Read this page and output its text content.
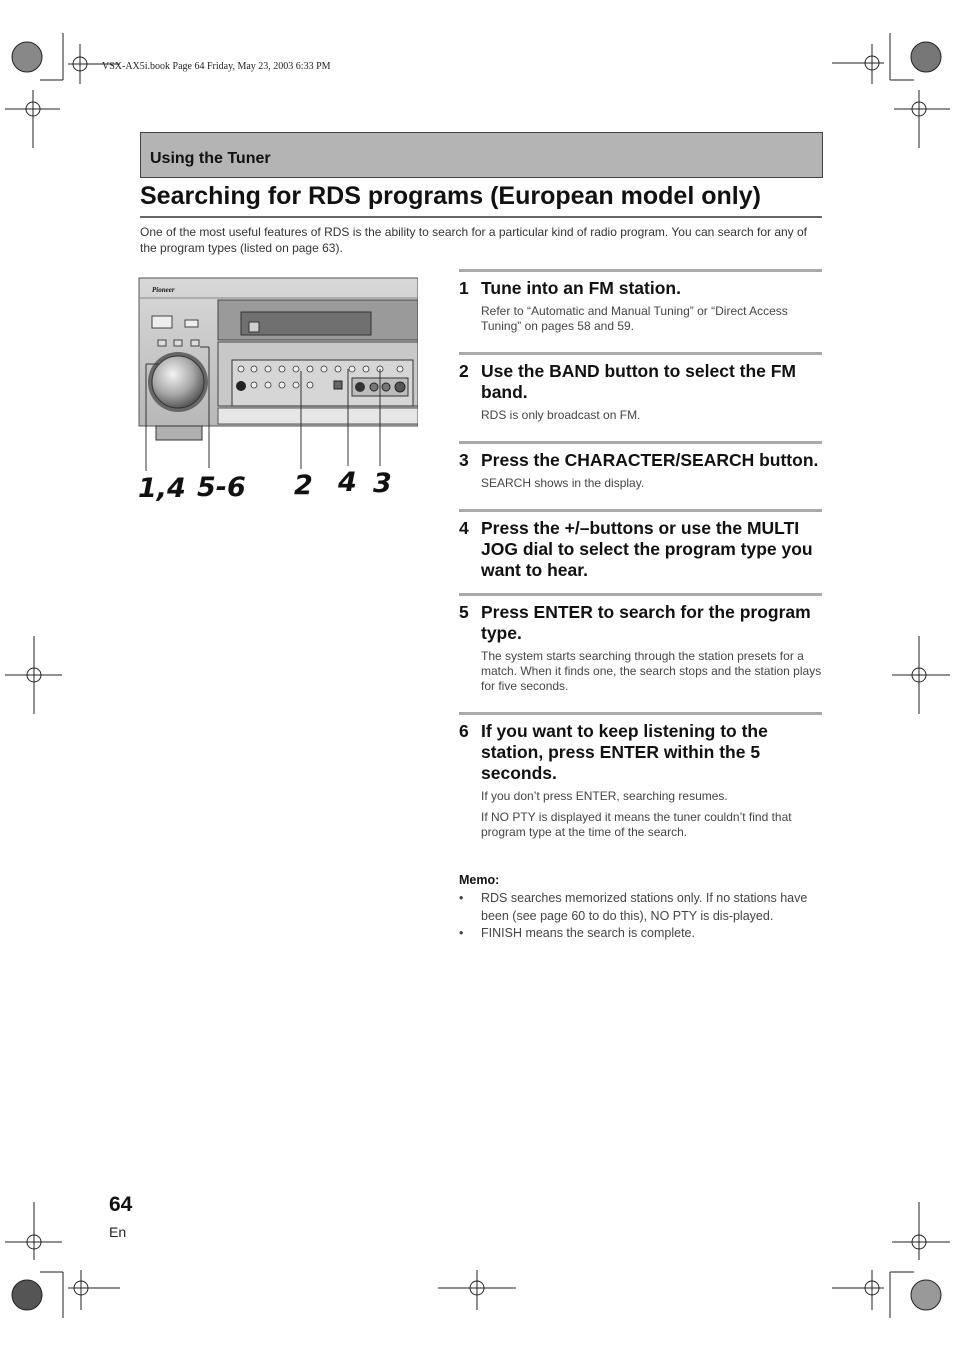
VSX-AX5i.book Page 64 Friday, May 23, 2003 6:33 PM
Using the Tuner
Searching for RDS programs (European model only)
One of the most useful features of RDS is the ability to search for a particular kind of radio program. You can search for any of the program types (listed on page 63).
Pioneer
1,4 5-6 2 4 3
1 Tune into an FM station.

Refer to “Automatic and Manual Tuning” or “Direct Access Tuning” on pages 58 and 59.

2 Use the BAND button to select the FM band.

RDS is only broadcast on FM.

3 Press the CHARACTER/SEARCH button.

SEARCH shows in the display.

4 Press the +/–buttons or use the MULTI JOG dial to select the program type you want to hear.
5 Press ENTER to search for the program type.

The system starts searching through the station presets for a match. When it finds one, the search stops and the station plays for five seconds.

6 If you want to keep listening to the station, press ENTER within the 5 seconds.

If you don’t press ENTER, searching resumes.

If NO PTY is displayed it means the tuner couldn’t find that program type at the time of the search.

Memo:
• RDS searches memorized stations only. If no stations have been (see page 60 to do this), NO PTY is dis-played.
• FINISH means the search is complete.
64
En
